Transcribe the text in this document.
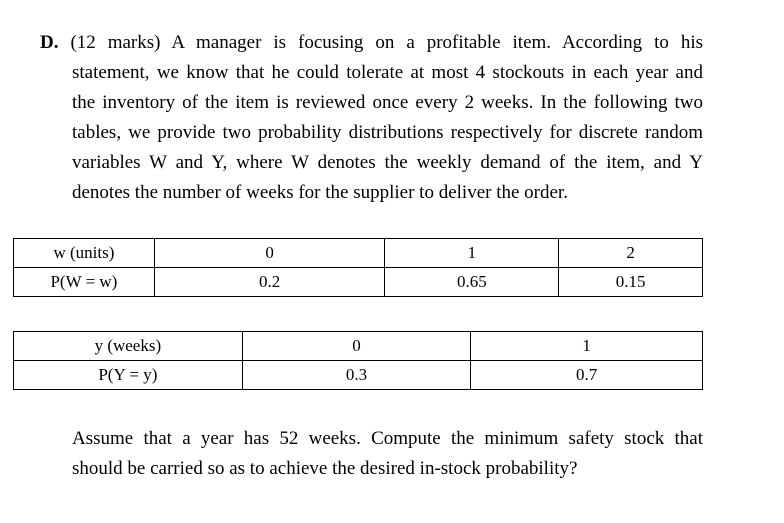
D. (12 marks) A manager is focusing on a profitable item. According to his
statement, we know that he could tolerate at most 4 stockouts in each year and
the inventory of the item is reviewed once every 2 weeks. In the following two
tables, we provide two probability distributions respectively for discrete random
variables W and Y, where W denotes the weekly demand of the item, and Y
denotes the number of weeks for the supplier to deliver the order.
w (units)	0	1	2
P(W = w)	0.2	0.65	0.15
y (weeks)	0	1
P(Y = y)	0.3	0.7
Assume that a year has 52 weeks. Compute the minimum safety stock that
should be carried so as to achieve the desired in-stock probability?
